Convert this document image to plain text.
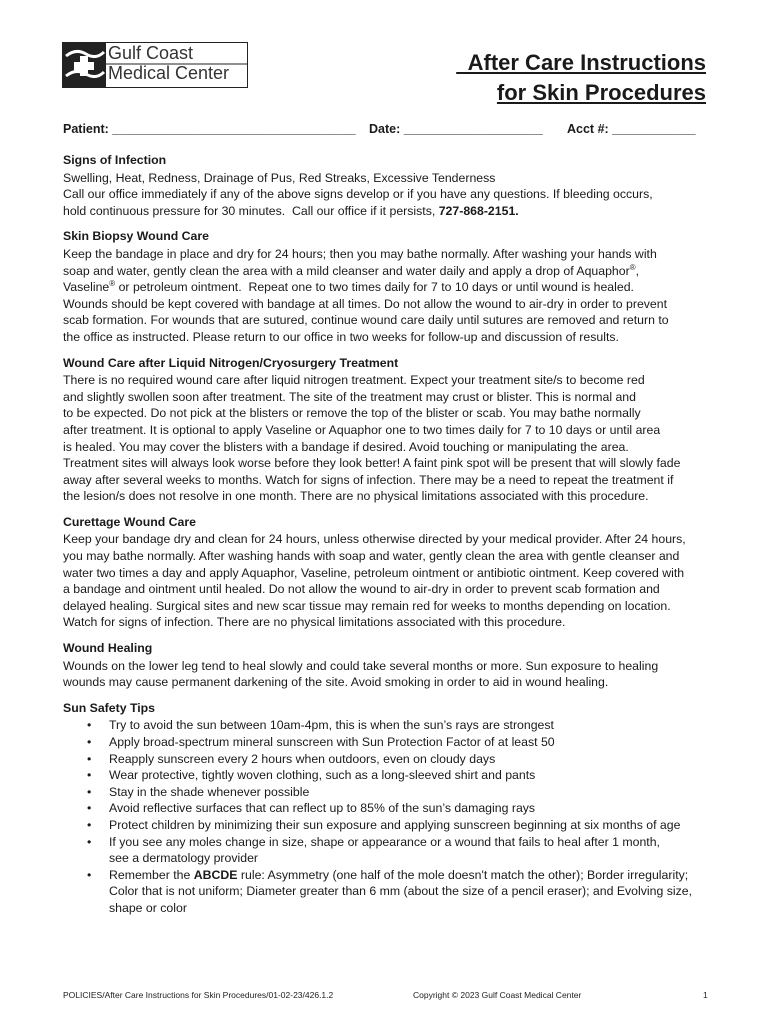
Gulf Coast
Medical Center	After Care Instructions
for Skin Procedures

Patient: ___________________________________

Date: ____________________

Acct #: ____________

Signs of Infection

Swelling, Heat, Redness, Drainage of Pus, Red Streaks, Excessive Tenderness
Call our office immediately if any of the above signs develop or if you have any questions. If bleeding occurs,
hold continuous pressure for 30 minutes.  Call our office if it persists, 727-868-2151.

Skin Biopsy Wound Care

Keep the bandage in place and dry for 24 hours; then you may bathe normally. After washing your hands with
soap and water, gently clean the area with a mild cleanser and water daily and apply a drop of Aquaphor®,
Vaseline® or petroleum ointment.  Repeat one to two times daily for 7 to 10 days or until wound is healed.
Wounds should be kept covered with bandage at all times. Do not allow the wound to air-dry in order to prevent
scab formation. For wounds that are sutured, continue wound care daily until sutures are removed and return to
the office as instructed. Please return to our office in two weeks for follow-up and discussion of results.

Wound Care after Liquid Nitrogen/Cryosurgery Treatment

There is no required wound care after liquid nitrogen treatment. Expect your treatment site/s to become red
and slightly swollen soon after treatment. The site of the treatment may crust or blister. This is normal and
to be expected. Do not pick at the blisters or remove the top of the blister or scab. You may bathe normally
after treatment. It is optional to apply Vaseline or Aquaphor one to two times daily for 7 to 10 days or until area
is healed. You may cover the blisters with a bandage if desired. Avoid touching or manipulating the area.
Treatment sites will always look worse before they look better! A faint pink spot will be present that will slowly fade
away after several weeks to months. Watch for signs of infection. There may be a need to repeat the treatment if
the lesion/s does not resolve in one month. There are no physical limitations associated with this procedure.

Curettage Wound Care

Keep your bandage dry and clean for 24 hours, unless otherwise directed by your medical provider. After 24 hours,
you may bathe normally. After washing hands with soap and water, gently clean the area with gentle cleanser and
water two times a day and apply Aquaphor, Vaseline, petroleum ointment or antibiotic ointment. Keep covered with
a bandage and ointment until healed. Do not allow the wound to air-dry in order to prevent scab formation and
delayed healing. Surgical sites and new scar tissue may remain red for weeks to months depending on location.
Watch for signs of infection. There are no physical limitations associated with this procedure.

Wound Healing

Wounds on the lower leg tend to heal slowly and could take several months or more. Sun exposure to healing
wounds may cause permanent darkening of the site. Avoid smoking in order to aid in wound healing.

Sun Safety Tips
• Try to avoid the sun between 10am-4pm, this is when the sun’s rays are strongest
• Apply broad-spectrum mineral sunscreen with Sun Protection Factor of at least 50
• Reapply sunscreen every 2 hours when outdoors, even on cloudy days
• Wear protective, tightly woven clothing, such as a long-sleeved shirt and pants
• Stay in the shade whenever possible
• Avoid reflective surfaces that can reflect up to 85% of the sun’s damaging rays
• Protect children by minimizing their sun exposure and applying sunscreen beginning at six months of age
• If you see any moles change in size, shape or appearance or a wound that fails to heal after 1 month,
see a dermatology provider
• Remember the ABCDE rule: Asymmetry (one half of the mole doesn't match the other); Border irregularity;
Color that is not uniform; Diameter greater than 6 mm (about the size of a pencil eraser); and Evolving size,
shape or color
POLICIES/After Care Instructions for Skin Procedures/01-02-23/426.1.2	Copyright © 2023 Gulf Coast Medical Center	1
